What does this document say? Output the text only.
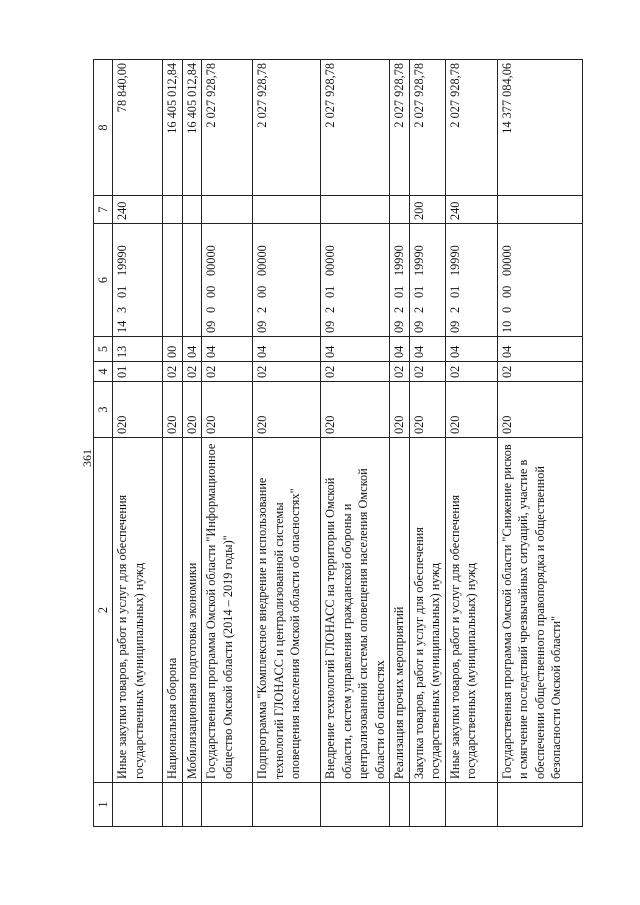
361
1	2	3	4	5	6	7	8
	Иные закупки товаров, работ и услуг для обеспечения государственных (муниципальных) нужд	020	01	13	1430119990	240	78 840,00
	Национальная оборона	020	02	00			16 405 012,84
	Мобилизационная подготовка экономики	020	02	04			16 405 012,84
	Государственная программа Омской области "Информационное общество Омской области (2014 – 2019 годы)"	020	02	04	0900000000		2 027 928,78
	Подпрограмма "Комплексное внедрение и использование технологий ГЛОНАСС и централизованной системы оповещения населения Омской области об опасностях"	020	02	04	0920000000		2 027 928,78
	Внедрение технологий ГЛОНАСС на территории Омской области, систем управления гражданской обороны и централизованной системы оповещения населения Омской области об опасностях	020	02	04	0920100000		2 027 928,78
	Реализация прочих мероприятий	020	02	04	0920119990		2 027 928,78
	Закупка товаров, работ и услуг для обеспечения государственных (муниципальных) нужд	020	02	04	0920119990	200	2 027 928,78
	Иные закупки товаров, работ и услуг для обеспечения государственных (муниципальных) нужд	020	02	04	0920119990	240	2 027 928,78
	Государственная программа Омской области "Снижение рисков и смягчение последствий чрезвычайных ситуаций, участие в обеспечении общественного правопорядка и общественной безопасности Омской области"	020	02	04	1000000000		14 377 084,06
